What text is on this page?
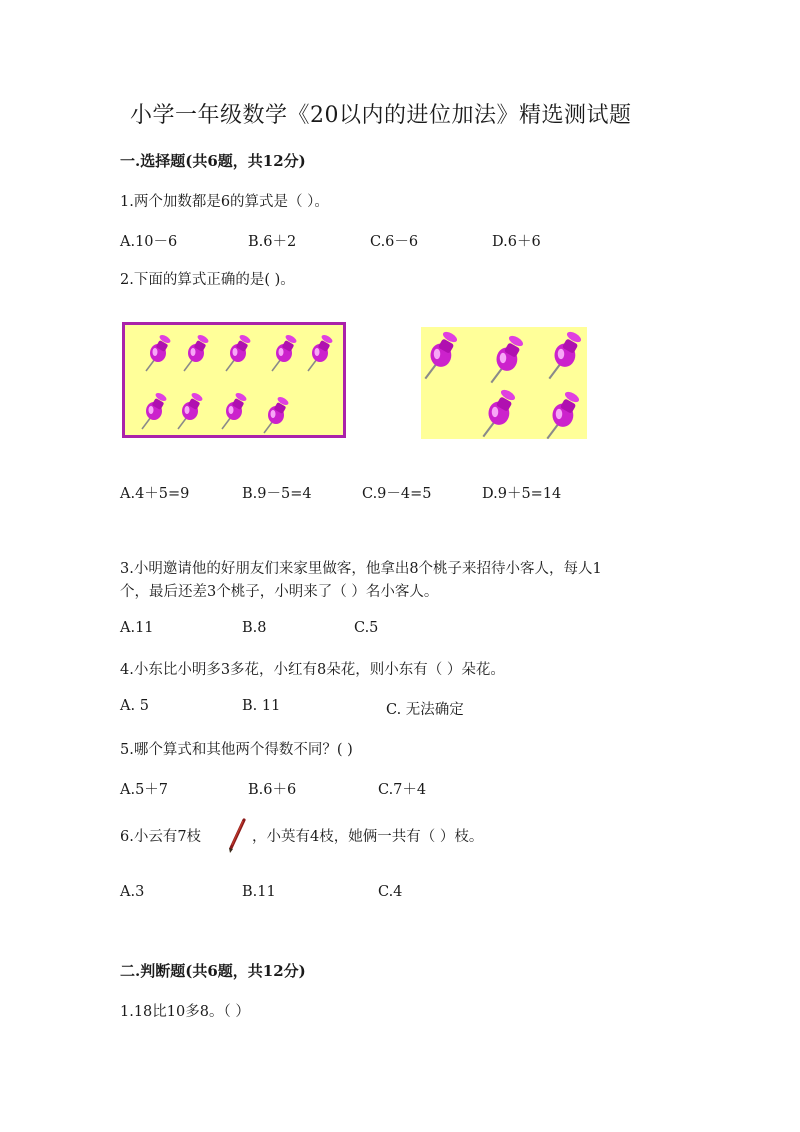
小学一年级数学《20以内的进位加法》精选测试题
一.选择题(共6题，共12分)
1.两个加数都是6的算式是（ ）。
A.10－6	B.6＋2	C.6－6	D.6＋6
2.下面的算式正确的是( )。
A.4＋5=9	B.9－5=4	C.9－4=5	D.9＋5=14
3.小明邀请他的好朋友们来家里做客，他拿出8个桃子来招待小客人，每人1
个，最后还差3个桃子，小明来了（ ）名小客人。
A.11	B.8	C.5
4.小东比小明多3多花，小红有8朵花，则小东有（ ）朵花。
A. 5	B. 11	C. 无法确定
5.哪个算式和其他两个得数不同？( )
A.5＋7	B.6＋6	C.7＋4
6.小云有7枝	，小英有4枝，她俩一共有（ ）枝。
A.3	B.11	C.4
二.判断题(共6题，共12分)
1.18比10多8。（ ）
